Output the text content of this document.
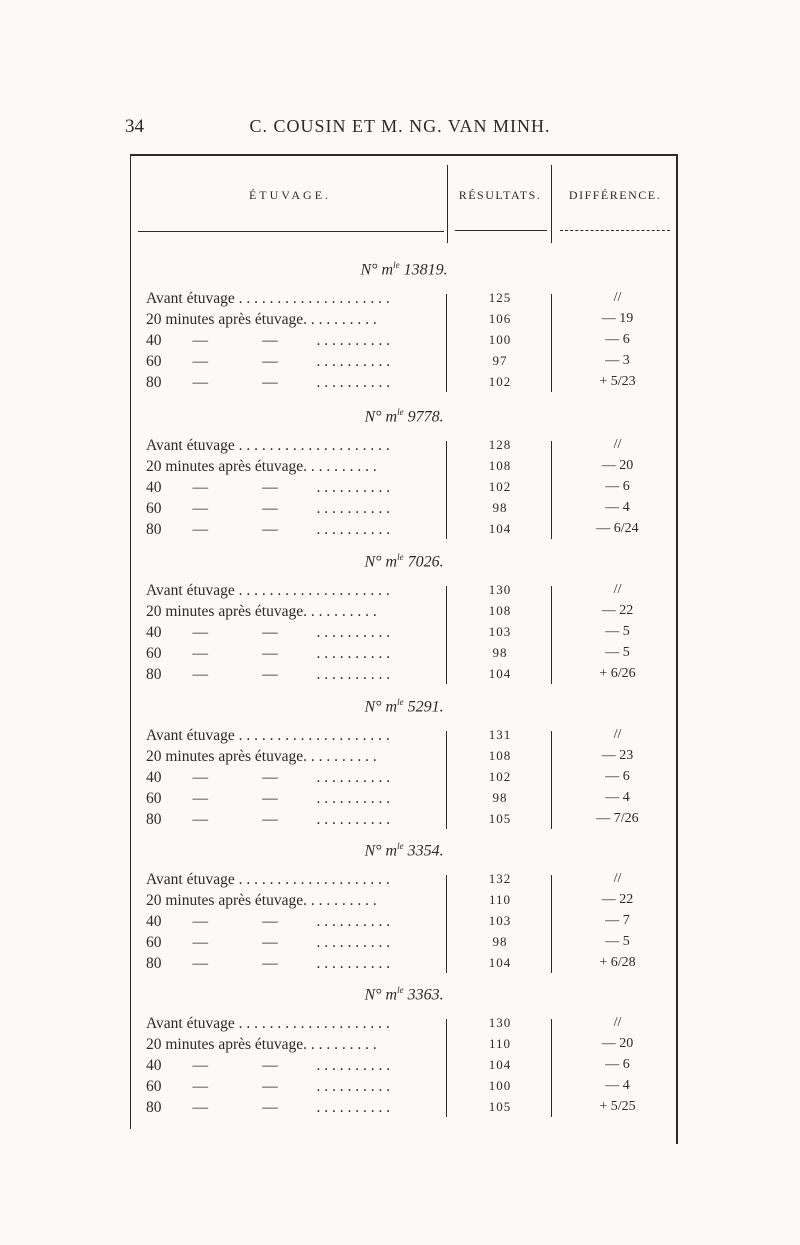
34	C. COUSIN ET M. NG. VAN MINH.
ÉTUVAGE.	RÉSULTATS.	DIFFÉRENCE.
N° $m^{le}$ 13819.
Avant étuvage . . . . . . . . . . . . . . . . . . . .	125	//
20 minutes après étuvage. . . . . . . . . .	106	— 19
40        —              —          . . . . . . . . . .	100	— 6
60        —              —          . . . . . . . . . .	97	— 3
80        —              —          . . . . . . . . . .	102	+ 5/23
N° $m^{le}$ 9778.
Avant étuvage . . . . . . . . . . . . . . . . . . . .	128	//
20 minutes après étuvage. . . . . . . . . .	108	— 20
40        —              —          . . . . . . . . . .	102	— 6
60        —              —          . . . . . . . . . .	98	— 4
80        —              —          . . . . . . . . . .	104	— 6/24
N° $m^{le}$ 7026.
Avant étuvage . . . . . . . . . . . . . . . . . . . .	130	//
20 minutes après étuvage. . . . . . . . . .	108	— 22
40        —              —          . . . . . . . . . .	103	— 5
60        —              —          . . . . . . . . . .	98	— 5
80        —              —          . . . . . . . . . .	104	+ 6/26
N° $m^{le}$ 5291.
Avant étuvage . . . . . . . . . . . . . . . . . . . .	131	//
20 minutes après étuvage. . . . . . . . . .	108	— 23
40        —              —          . . . . . . . . . .	102	— 6
60        —              —          . . . . . . . . . .	98	— 4
80        —              —          . . . . . . . . . .	105	— 7/26
N° $m^{le}$ 3354.
Avant étuvage . . . . . . . . . . . . . . . . . . . .	132	//
20 minutes après étuvage. . . . . . . . . .	110	— 22
40        —              —          . . . . . . . . . .	103	— 7
60        —              —          . . . . . . . . . .	98	— 5
80        —              —          . . . . . . . . . .	104	+ 6/28
N° $m^{le}$ 3363.
Avant étuvage . . . . . . . . . . . . . . . . . . . .	130	//
20 minutes après étuvage. . . . . . . . . .	110	— 20
40        —              —          . . . . . . . . . .	104	— 6
60        —              —          . . . . . . . . . .	100	— 4
80        —              —          . . . . . . . . . .	105	+ 5/25
